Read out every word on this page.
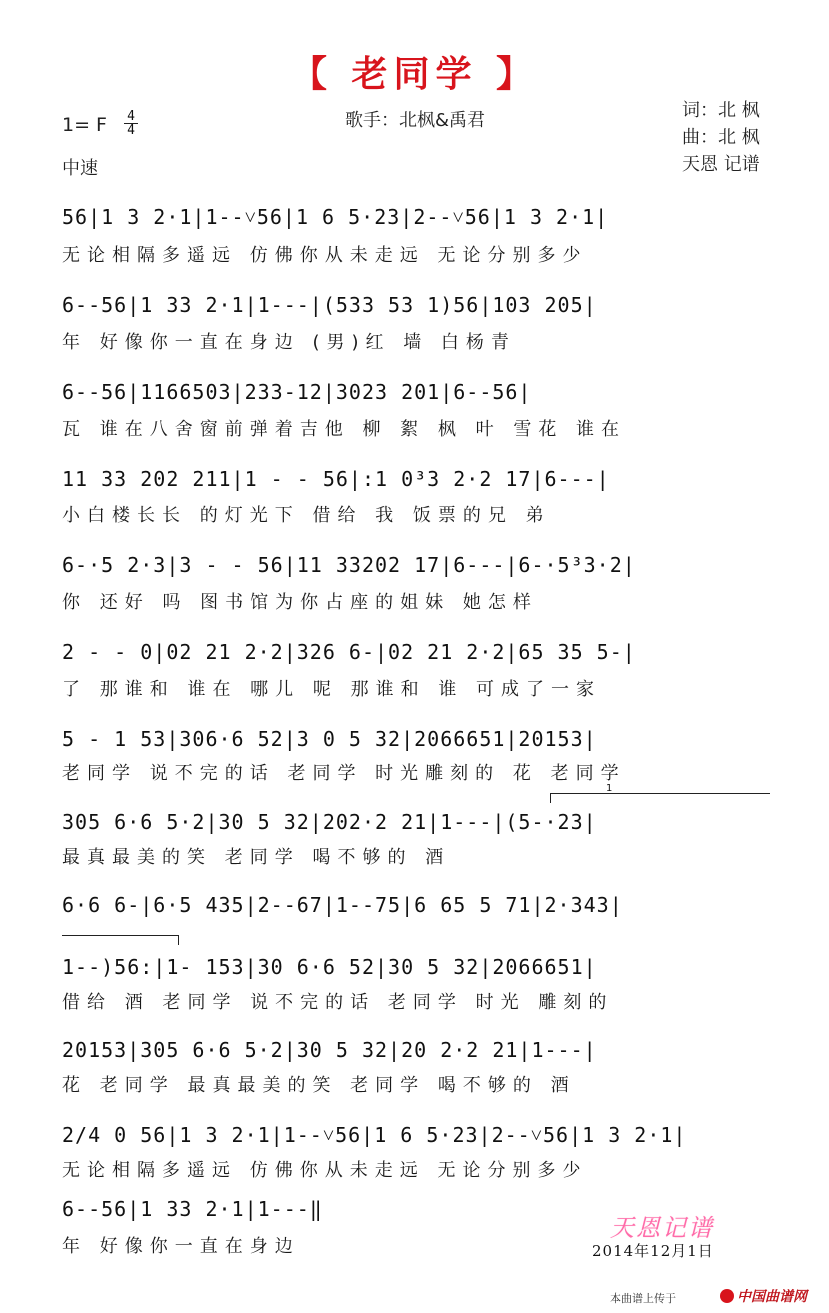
【 老同学 】
1= F 4
4
中速
歌手：北枫&禹君	词：北 枫
曲：北 枫
天恩 记谱
56|1 3 2·1|1--˅56|1 6 5·23|2--˅56|1 3 2·1|
无论相隔多遥远 仿佛你从未走远 无论分别多少
6--56|1 33 2·1|1---|(533 53 1)56|103 205|
年 好像你一直在身边 (男)红 墙 白杨青
6--56|1166503|233-12|3023 201|6--56|
瓦 谁在八舍窗前弹着吉他 柳 絮 枫 叶 雪花 谁在
11 33 202 211|1 - - 56|:1 0³3 2·2 17|6---|
小白楼长长 的灯光下 借给 我 饭票的兄 弟
6-·5 2·3|3 - - 56|11 33202 17|6---|6-·5³3·2|
你 还好 吗 图书馆为你占座的姐妹 她怎样
2 - - 0|02 21 2·2|326 6-|02 21 2·2|65 35 5-|
了 那谁和 谁在 哪儿 呢 那谁和 谁 可成了一家
5 - 1 53|306·6 52|3 0 5 32|2066651|20153|
老同学 说不完的话 老同学 时光雕刻的 花 老同学
1
305 6·6 5·2|30 5 32|202·2 21|1---|(5-·23|
最真最美的笑 老同学 喝不够的 酒
6·6 6-|6·5 435|2--67|1--75|6 65 5 71|2·343|
1--)56:|1- 153|30 6·6 52|30 5 32|2066651|
借给 酒 老同学 说不完的话 老同学 时光 雕刻的
20153|305 6·6 5·2|30 5 32|20 2·2 21|1---|
花 老同学 最真最美的笑 老同学 喝不够的 酒
2/4 0 56|1 3 2·1|1--˅56|1 6 5·23|2--˅56|1 3 2·1|
无论相隔多遥远 仿佛你从未走远 无论分别多少
6--56|1 33 2·1|1---‖
年 好像你一直在身边
天恩记谱
2014年12月1日
本曲谱上传于	中国曲谱网
